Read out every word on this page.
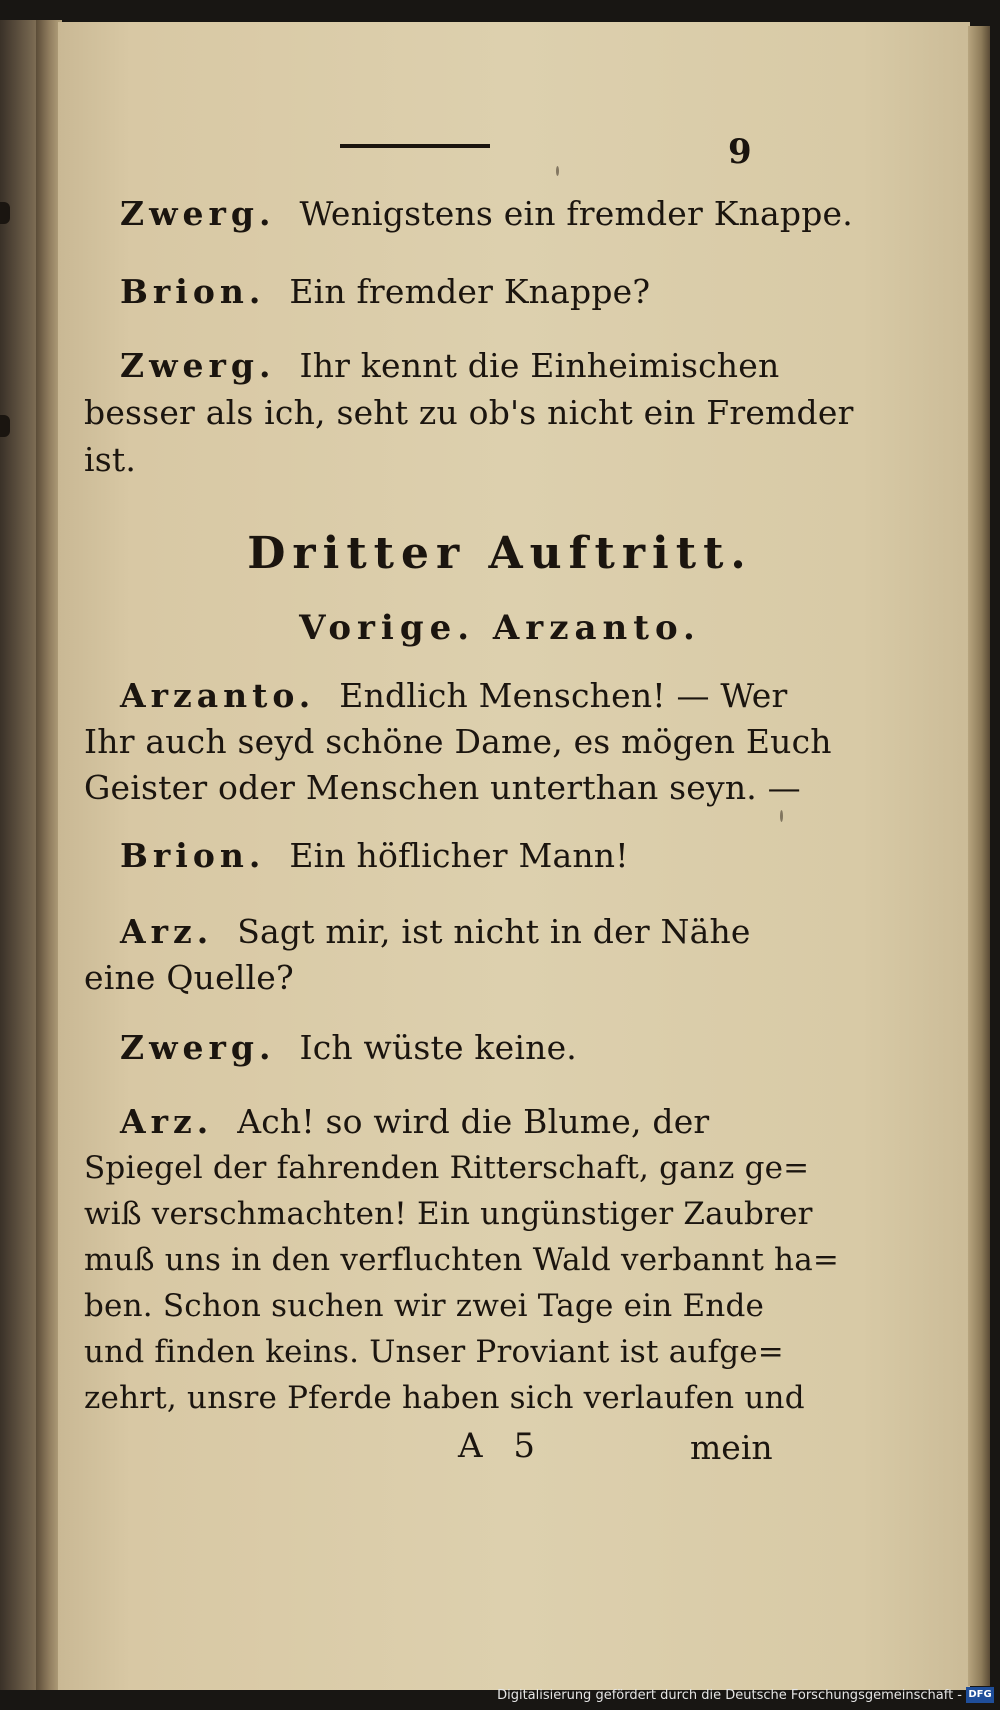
9
Zwerg. Wenigstens ein fremder Knappe.
Brion. Ein fremder Knappe?
Zwerg. Ihr kennt die Einheimischen
besser als ich, seht zu ob's nicht ein Fremder
ist.
Dritter Auftritt.
Vorige. Arzanto.
Arzanto. Endlich Menschen! — Wer
Ihr auch seyd schöne Dame, es mögen Euch
Geister oder Menschen unterthan seyn. —
Brion. Ein höflicher Mann!
Arz. Sagt mir, ist nicht in der Nähe
eine Quelle?
Zwerg. Ich wüste keine.
Arz. Ach! so wird die Blume, der
Spiegel der fahrenden Ritterschaft, ganz ge=
wiß verschmachten! Ein ungünstiger Zaubrer
muß uns in den verfluchten Wald verbannt ha=
ben. Schon suchen wir zwei Tage ein Ende
und finden keins. Unser Proviant ist aufge=
zehrt, unsre Pferde haben sich verlaufen und
A 5	mein
Digitalisierung gefördert durch die Deutsche Forschungsgemeinschaft - DFG
